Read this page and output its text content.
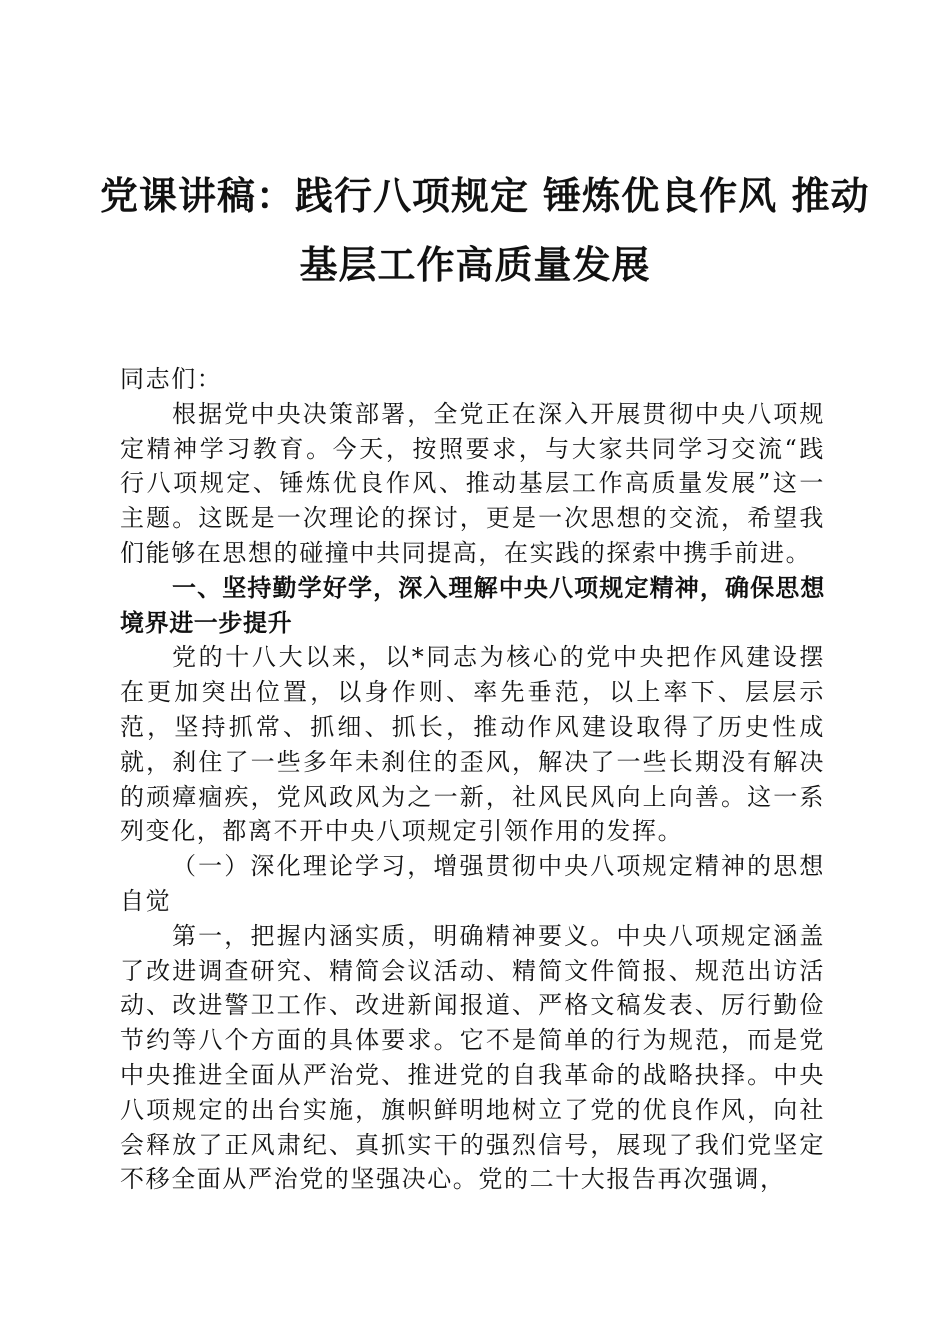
党课讲稿：践行八项规定 锤炼优良作风 推动
基层工作高质量发展

同志们：

根据党中央决策部署，全党正在深入开展贯彻中央八项规定精神学习教育。今天，按照要求，与大家共同学习交流“践行八项规定、锤炼优良作风、推动基层工作高质量发展”这一主题。这既是一次理论的探讨，更是一次思想的交流，希望我们能够在思想的碰撞中共同提高，在实践的探索中携手前进。

一、坚持勤学好学，深入理解中央八项规定精神，确保思想境界进一步提升

党的十八大以来，以*同志为核心的党中央把作风建设摆在更加突出位置，以身作则、率先垂范，以上率下、层层示范，坚持抓常、抓细、抓长，推动作风建设取得了历史性成就，刹住了一些多年未刹住的歪风，解决了一些长期没有解决的顽瘴痼疾，党风政风为之一新，社风民风向上向善。这一系列变化，都离不开中央八项规定引领作用的发挥。

（一）深化理论学习，增强贯彻中央八项规定精神的思想自觉

第一，把握内涵实质，明确精神要义。中央八项规定涵盖了改进调查研究、精简会议活动、精简文件简报、规范出访活动、改进警卫工作、改进新闻报道、严格文稿发表、厉行勤俭节约等八个方面的具体要求。它不是简单的行为规范，而是党中央推进全面从严治党、推进党的自我革命的战略抉择。中央八项规定的出台实施，旗帜鲜明地树立了党的优良作风，向社会释放了正风肃纪、真抓实干的强烈信号，展现了我们党坚定不移全面从严治党的坚强决心。党的二十大报告再次强调，
